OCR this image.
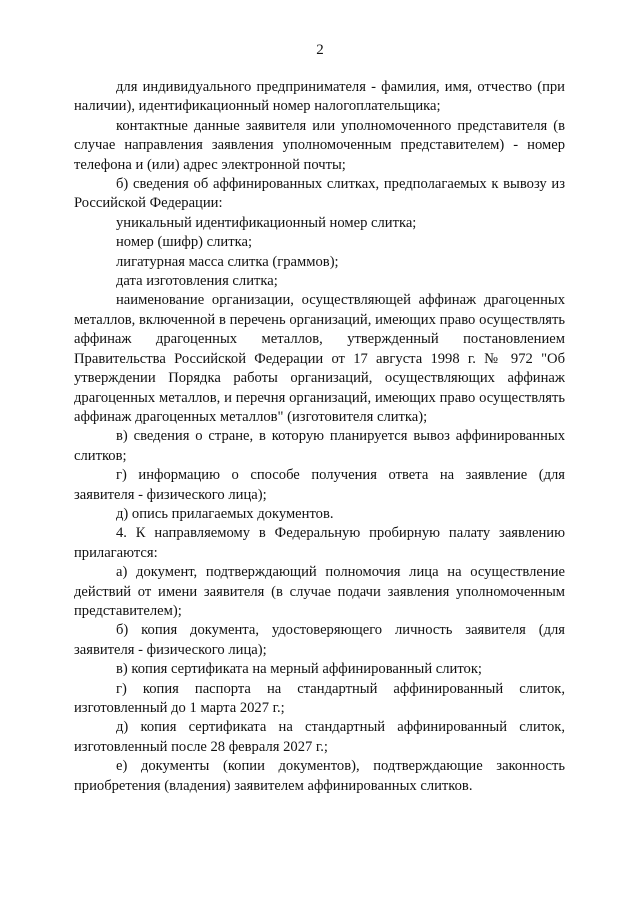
2

для индивидуального предпринимателя - фамилия, имя, отчество (при наличии), идентификационный номер налогоплательщика;

контактные данные заявителя или уполномоченного представителя (в случае направления заявления уполномоченным представителем) - номер телефона и (или) адрес электронной почты;

б) сведения об аффинированных слитках, предполагаемых к вывозу из Российской Федерации:

уникальный идентификационный номер слитка;

номер (шифр) слитка;

лигатурная масса слитка (граммов);

дата изготовления слитка;

наименование организации, осуществляющей аффинаж драгоценных металлов, включенной в перечень организаций, имеющих право осуществлять аффинаж драгоценных металлов, утвержденный постановлением Правительства Российской Федерации от 17 августа 1998 г. № 972 "Об утверждении Порядка работы организаций, осуществляющих аффинаж драгоценных металлов, и перечня организаций, имеющих право осуществлять аффинаж драгоценных металлов" (изготовителя слитка);

в) сведения о стране, в которую планируется вывоз аффинированных слитков;

г) информацию о способе получения ответа на заявление (для заявителя - физического лица);

д) опись прилагаемых документов.

4. К направляемому в Федеральную пробирную палату заявлению прилагаются:

а) документ, подтверждающий полномочия лица на осуществление действий от имени заявителя (в случае подачи заявления уполномоченным представителем);

б) копия документа, удостоверяющего личность заявителя (для заявителя - физического лица);

в) копия сертификата на мерный аффинированный слиток;

г) копия паспорта на стандартный аффинированный слиток, изготовленный до 1 марта 2027 г.;

д) копия сертификата на стандартный аффинированный слиток, изготовленный после 28 февраля 2027 г.;

е) документы (копии документов), подтверждающие законность приобретения (владения) заявителем аффинированных слитков.
